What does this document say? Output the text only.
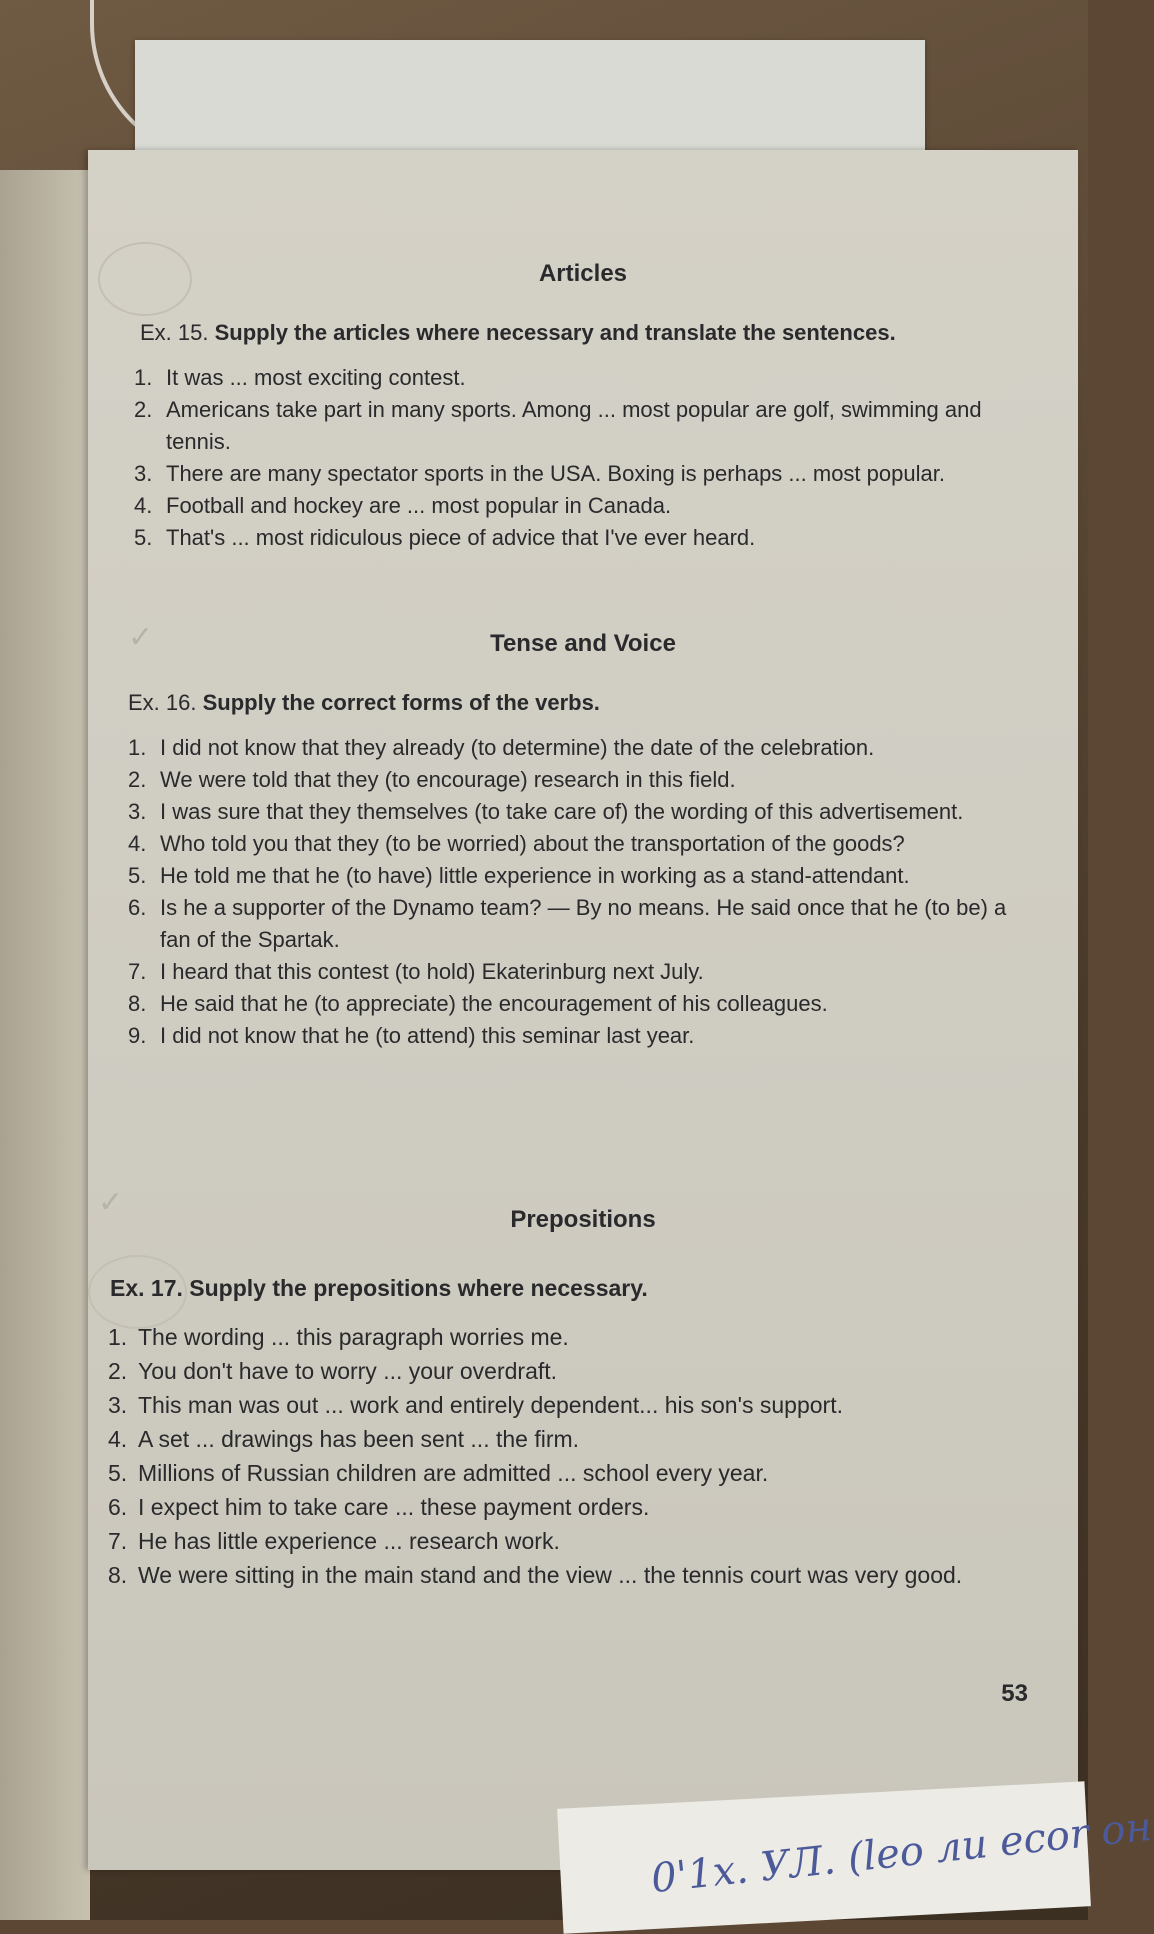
Articles
Ex. 15. Supply the articles where necessary and translate the sentences.
1. It was ... most exciting contest.
2. Americans take part in many sports. Among ... most popular are golf, swimming and tennis.
3. There are many spectator sports in the USA. Boxing is perhaps ... most popular.
4. Football and hockey are ... most popular in Canada.
5. That's ... most ridiculous piece of advice that I've ever heard.
✓	Tense and Voice
Ex. 16. Supply the correct forms of the verbs.
1. I did not know that they already (to determine) the date of the celebration.
2. We were told that they (to encourage) research in this field.
3. I was sure that they themselves (to take care of) the wording of this advertisement.
4. Who told you that they (to be worried) about the transportation of the goods?
5. He told me that he (to have) little experience in working as a stand-attendant.
6. Is he a supporter of the Dynamo team? — By no means. He said once that he (to be) a fan of the Spartak.
7. I heard that this contest (to hold) Ekaterinburg next July.
8. He said that he (to appreciate) the encouragement of his colleagues.
9. I did not know that he (to attend) this seminar last year.
✓
Prepositions
Ex. 17. Supply the prepositions where necessary.
1. The wording ... this paragraph worries me.
2. You don't have to worry ... your overdraft.
3. This man was out ... work and entirely dependent... his son's support.
4. A set ... drawings has been sent ... the firm.
5. Millions of Russian children are admitted ... school every year.
6. I expect him to take care ... these payment orders.
7. He has little experience ... research work.
8. We were sitting in the main stand and the view ... the tennis court was very good.
53
0'1x. УЛ. (leo ли ecor он
